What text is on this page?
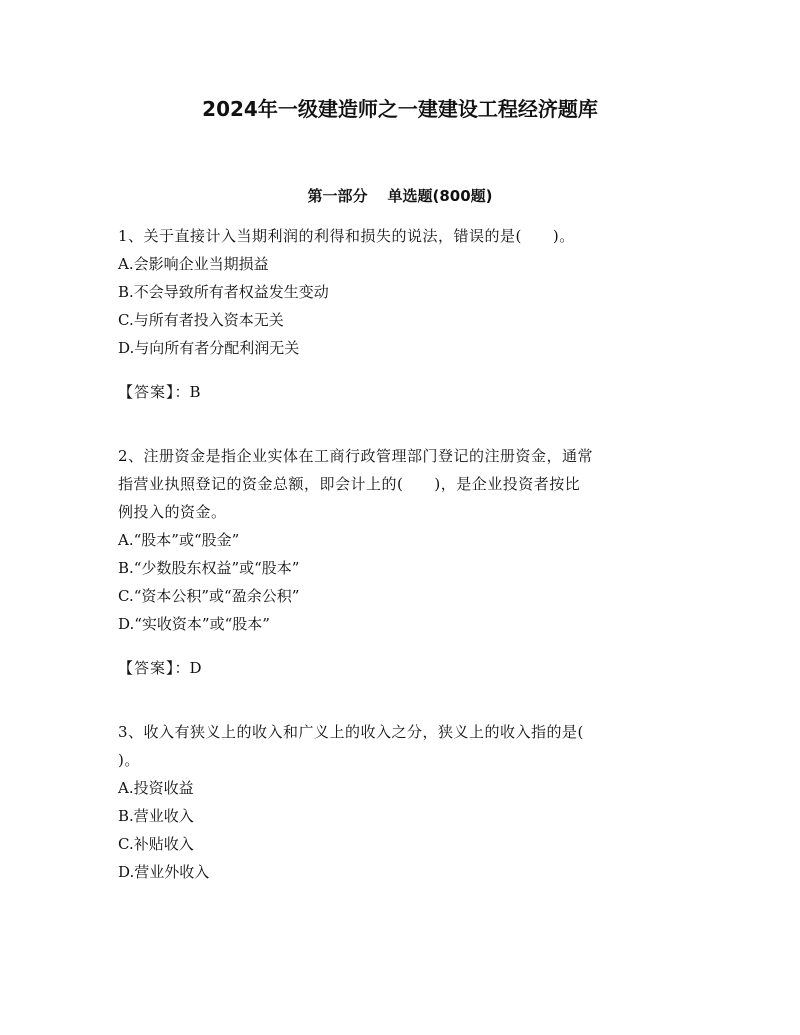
2024年一级建造师之一建建设工程经济题库
第一部分 单选题(800题)

1、关于直接计入当期利润的利得和损失的说法，错误的是(　　)。

A.会影响企业当期损益

B.不会导致所有者权益发生变动

C.与所有者投入资本无关

D.与向所有者分配利润无关

【答案】：B

2、注册资金是指企业实体在工商行政管理部门登记的注册资金，通常

指营业执照登记的资金总额，即会计上的(　　)，是企业投资者按比

例投入的资金。

A.“股本”或“股金”

B.“少数股东权益”或“股本”

C.“资本公积”或“盈余公积”

D.“实收资本”或“股本”

【答案】：D

3、收入有狭义上的收入和广义上的收入之分，狭义上的收入指的是(

)。

A.投资收益

B.营业收入

C.补贴收入

D.营业外收入
